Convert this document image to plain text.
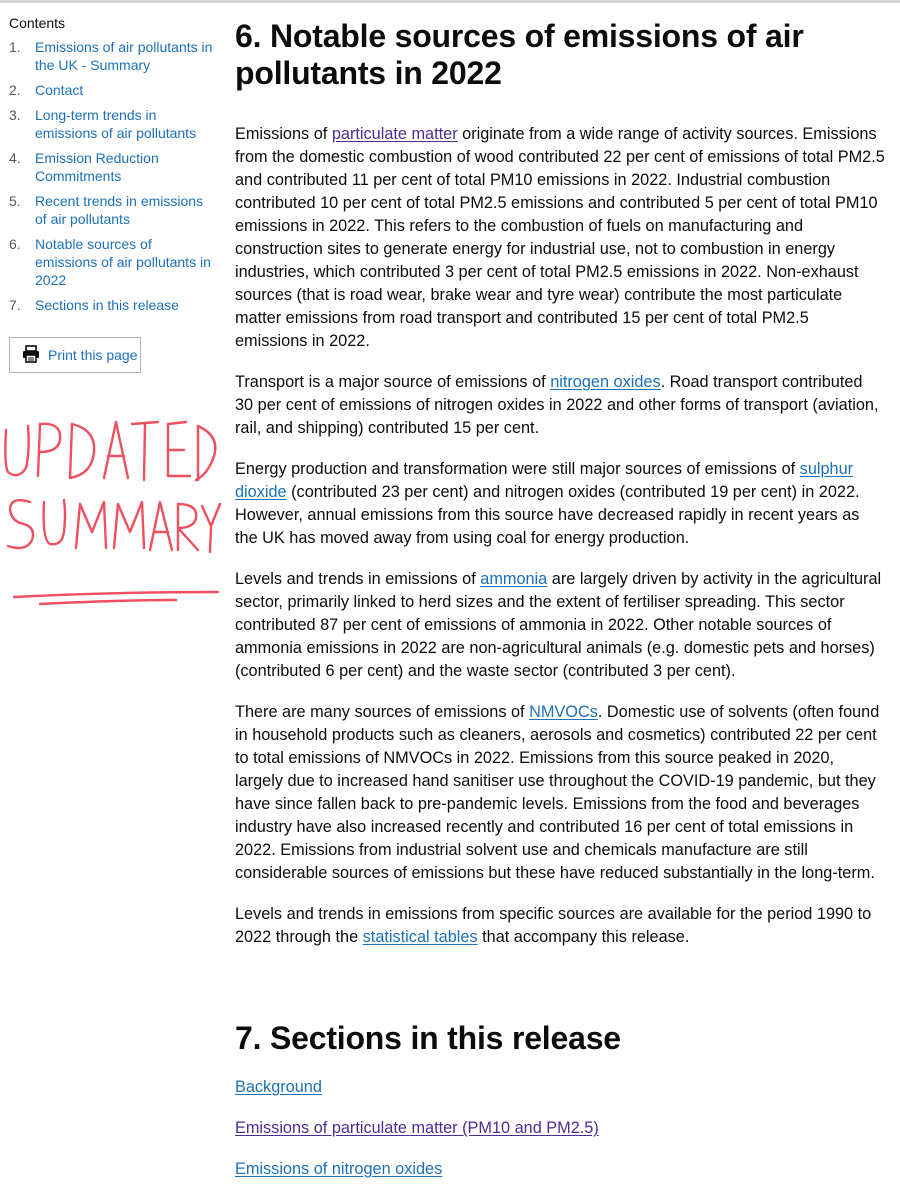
Contents
1.	Emissions of air pollutants in the UK - Summary
2.	Contact
3.	Long-term trends in emissions of air pollutants
4.	Emission Reduction Commitments
5.	Recent trends in emissions of air pollutants
6.	Notable sources of emissions of air pollutants in 2022
7.	Sections in this release
Print this page
UPDATED SUMMARY
6. Notable sources of emissions of air pollutants in 2022

Emissions of particulate matter originate from a wide range of activity sources. Emissions from the domestic combustion of wood contributed 22 per cent of emissions of total PM2.5 and contributed 11 per cent of total PM10 emissions in 2022. Industrial combustion contributed 10 per cent of total PM2.5 emissions and contributed 5 per cent of total PM10 emissions in 2022. This refers to the combustion of fuels on manufacturing and construction sites to generate energy for industrial use, not to combustion in energy industries, which contributed 3 per cent of total PM2.5 emissions in 2022. Non-exhaust sources (that is road wear, brake wear and tyre wear) contribute the most particulate matter emissions from road transport and contributed 15 per cent of total PM2.5 emissions in 2022.

Transport is a major source of emissions of nitrogen oxides. Road transport contributed 30 per cent of emissions of nitrogen oxides in 2022 and other forms of transport (aviation, rail, and shipping) contributed 15 per cent.

Energy production and transformation were still major sources of emissions of sulphur dioxide (contributed 23 per cent) and nitrogen oxides (contributed 19 per cent) in 2022. However, annual emissions from this source have decreased rapidly in recent years as the UK has moved away from using coal for energy production.

Levels and trends in emissions of ammonia are largely driven by activity in the agricultural sector, primarily linked to herd sizes and the extent of fertiliser spreading. This sector contributed 87 per cent of emissions of ammonia in 2022. Other notable sources of ammonia emissions in 2022 are non-agricultural animals (e.g. domestic pets and horses) (contributed 6 per cent) and the waste sector (contributed 3 per cent).

There are many sources of emissions of NMVOCs. Domestic use of solvents (often found in household products such as cleaners, aerosols and cosmetics) contributed 22 per cent to total emissions of NMVOCs in 2022. Emissions from this source peaked in 2020, largely due to increased hand sanitiser use throughout the COVID-19 pandemic, but they have since fallen back to pre-pandemic levels. Emissions from the food and beverages industry have also increased recently and contributed 16 per cent of total emissions in 2022. Emissions from industrial solvent use and chemicals manufacture are still considerable sources of emissions but these have reduced substantially in the long-term.

Levels and trends in emissions from specific sources are available for the period 1990 to 2022 through the statistical tables that accompany this release.

7. Sections in this release

Background

Emissions of particulate matter (PM10 and PM2.5)

Emissions of nitrogen oxides
